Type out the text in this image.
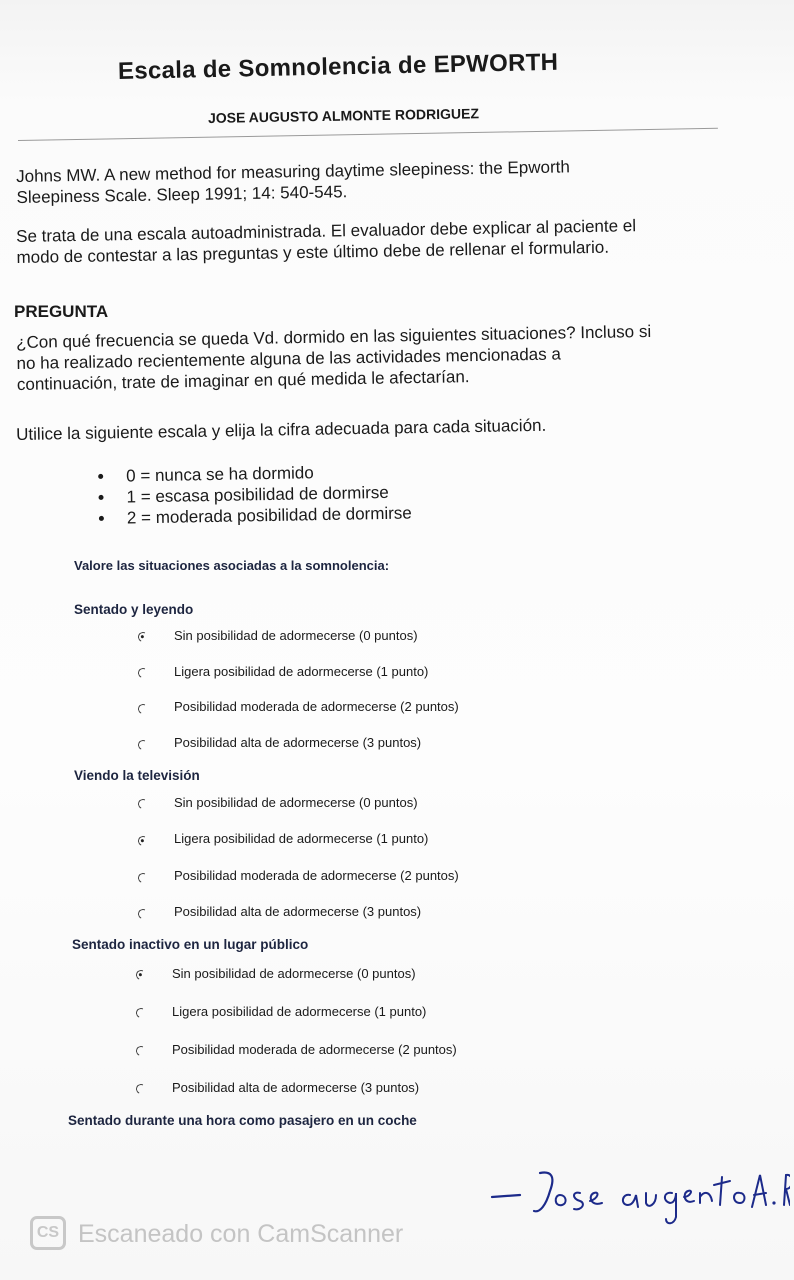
Escala de Somnolencia de EPWORTH
JOSE AUGUSTO ALMONTE RODRIGUEZ
Johns MW. A new method for measuring daytime sleepiness: the Epworth
Sleepiness Scale. Sleep 1991; 14: 540-545.
Se trata de una escala autoadministrada. El evaluador debe explicar al paciente el
modo de contestar a las preguntas y este último debe de rellenar el formulario.
PREGUNTA
¿Con qué frecuencia se queda Vd. dormido en las siguientes situaciones? Incluso si
no ha realizado recientemente alguna de las actividades mencionadas a
continuación, trate de imaginar en qué medida le afectarían.
Utilice la siguiente escala y elija la cifra adecuada para cada situación.
0 = nunca se ha dormido
1 = escasa posibilidad de dormirse
2 = moderada posibilidad de dormirse
Valore las situaciones asociadas a la somnolencia:
Sentado y leyendo
Sin posibilidad de adormecerse (0 puntos)
Ligera posibilidad de adormecerse (1 punto)
Posibilidad moderada de adormecerse (2 puntos)
Posibilidad alta de adormecerse (3 puntos)
Viendo la televisión
Sin posibilidad de adormecerse (0 puntos)
Ligera posibilidad de adormecerse (1 punto)
Posibilidad moderada de adormecerse (2 puntos)
Posibilidad alta de adormecerse (3 puntos)
Sentado inactivo en un lugar público
Sin posibilidad de adormecerse (0 puntos)
Ligera posibilidad de adormecerse (1 punto)
Posibilidad moderada de adormecerse (2 puntos)
Posibilidad alta de adormecerse (3 puntos)
Sentado durante una hora como pasajero en un coche
CS Escaneado con CamScanner
